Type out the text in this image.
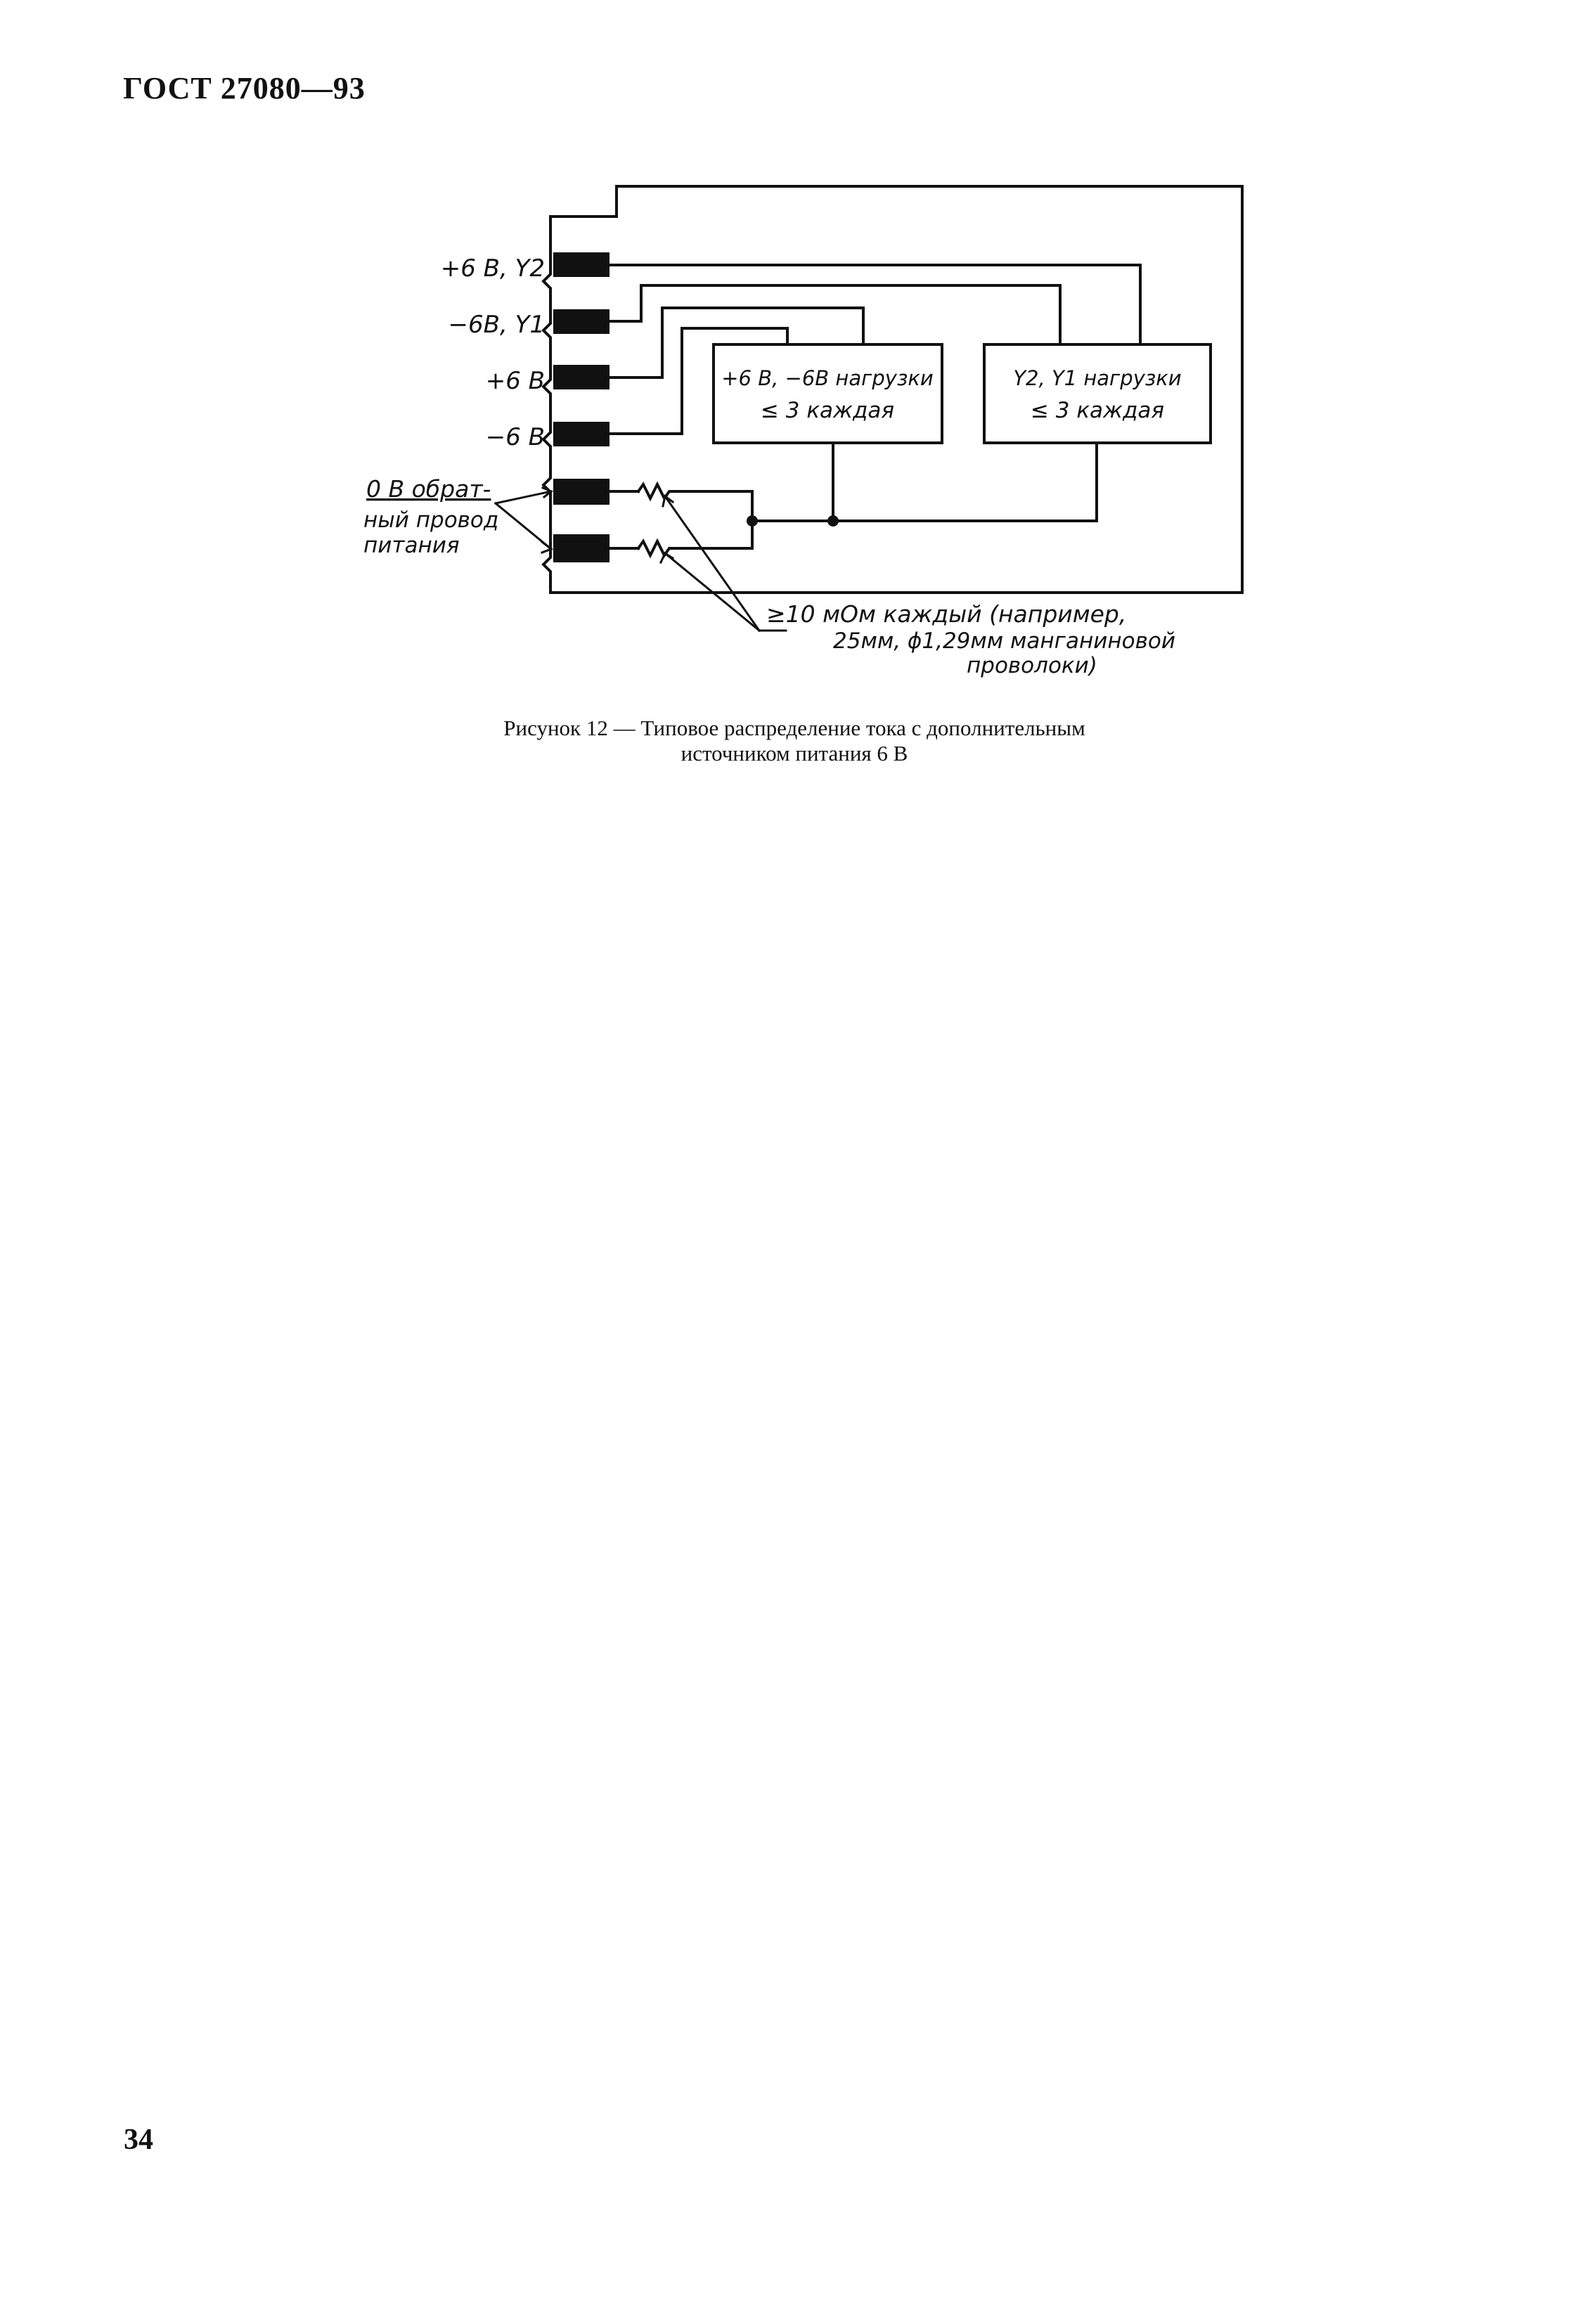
ГОСТ 27080—93
+6 В, Y2
−6В, Y1
+6 В
−6 В
0 В обрат-
ный провод
питания
+6 В, −6В нагрузки
≤ 3 каждая
Y2, Y1 нагрузки
≤ 3 каждая
≥10 мОм каждый (например,
25мм, ϕ1,29мм манганиновой
проволоки)
Рисунок 12 — Типовое распределение тока с дополнительным
источником питания 6 В
34
